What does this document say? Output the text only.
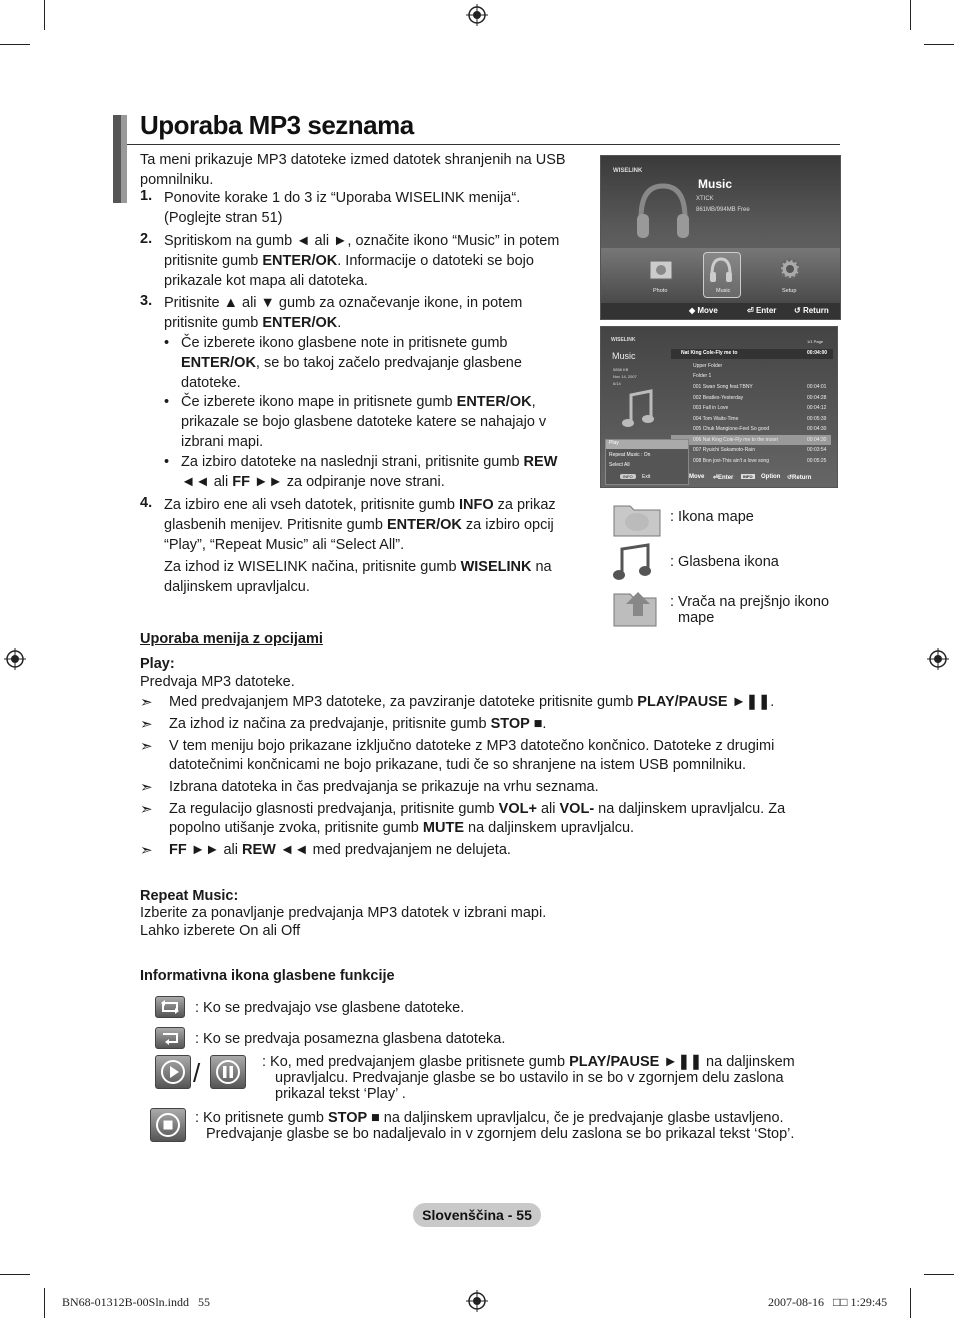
Uporaba MP3 seznama
Ta meni prikazuje MP3 datoteke izmed datotek shranjenih na USB pomnilniku.
1. Ponovite korake 1 do 3 iz “Uporaba WISELINK menija“.
(Poglejte stran 51)
2. Spritiskom na gumb ◄ ali ►, označite ikono “Music” in potem
pritisnite gumb ENTER/OK. Informacije o datoteki se bojo
prikazale kot mapa ali datoteka.
3. Pritisnite ▲ ali ▼ gumb za označevanje ikone, in potem
pritisnite gumb ENTER/OK.
• Če izberete ikono glasbene note in pritisnete gumb
ENTER/OK, se bo takoj začelo predvajanje glasbene
datoteke.
• Če izberete ikono mape in pritisnete gumb ENTER/OK,
prikazale se bojo glasbene datoteke katere se nahajajo v
izbrani mapi.
• Za izbiro datoteke na naslednji strani, pritisnite gumb REW
◄◄ ali FF ►► za odpiranje nove strani.
4. Za izbiro ene ali vseh datotek, pritisnite gumb INFO za prikaz
glasbenih menijev. Pritisnite gumb ENTER/OK za izbiro opcij
“Play”, “Repeat Music” ali “Select All”.
Za izhod iz WISELINK načina, pritisnite gumb WISELINK na
daljinskem upravljalcu.
WISELINK
Music
XTICK
861MB/994MB Free
Photo	Music	Setup
◆ Move	⏎ Enter ↺ Return
WISELINK	1/1 Page
Music
5858 KB
Nov 14, 2007
6/14
Nat King Cole-Fly me to	00:04:00
Upper Folder
Folder 1
001 Swan Song feat.TBNY	00:04:01
002 Beatles-Yesterday	00:04:28
003 Fall in Love	00:04:12
004 Tom Waits-Time	00:05:39
005 Chuk Mangione-Feel So good	00:04:30
006 Nat King Cole-Fly me to the moon	00:04:30
007 Ryuichi Sakamoto-Rain	00:03:54
008 Bon jovi-This ain't a love song	00:05:25
Play
Repeat Music : On
Select All
INFO	Exit	Move ⏎Enter	INFO	Option ↺Return
: Ikona mape
: Glasbena ikona
: Vrača na prejšnjo ikono
mape
Uporaba menija z opcijami
Play:
Predvaja MP3 datoteke.
➣ Med predvajanjem MP3 datoteke, za pavziranje datoteke pritisnite gumb PLAY/PAUSE ►❚❚.
➣ Za izhod iz načina za predvajanje, pritisnite gumb STOP ■.
➣ V tem meniju bojo prikazane izključno datoteke z MP3 datotečno končnico. Datoteke z drugimi
datotečnimi končnicami ne bojo prikazane, tudi če so shranjene na istem USB pomnilniku.
➣ Izbrana datoteka in čas predvajanja se prikazuje na vrhu seznama.
➣ Za regulacijo glasnosti predvajanja, pritisnite gumb VOL+ ali VOL- na daljinskem upravljalcu. Za
popolno utišanje zvoka, pritisnite gumb MUTE na daljinskem upravljalcu.
➣ FF ►► ali REW ◄◄ med predvajanjem ne delujeta.
Repeat Music:
Izberite za ponavljanje predvajanja MP3 datotek v izbrani mapi.
Lahko izberete On ali Off
Informativna ikona glasbene funkcije
: Ko se predvajajo vse glasbene datoteke.
: Ko se predvaja posamezna glasbena datoteka.
/	: Ko, med predvajanjem glasbe pritisnete gumb PLAY/PAUSE ►❚❚ na daljinskem
upravljalcu. Predvajanje glasbe se bo ustavilo in se bo v zgornjem delu zaslona
prikazal tekst ‘Play’ .
: Ko pritisnete gumb STOP ■ na daljinskem upravljalcu, če je predvajanje glasbe ustavljeno.
Predvajanje glasbe se bo nadaljevalo in v zgornjem delu zaslona se bo prikazal tekst ‘Stop’.
Slovenščina - 55
BN68-01312B-00Sln.indd   55	2007-08-16   □□ 1:29:45
